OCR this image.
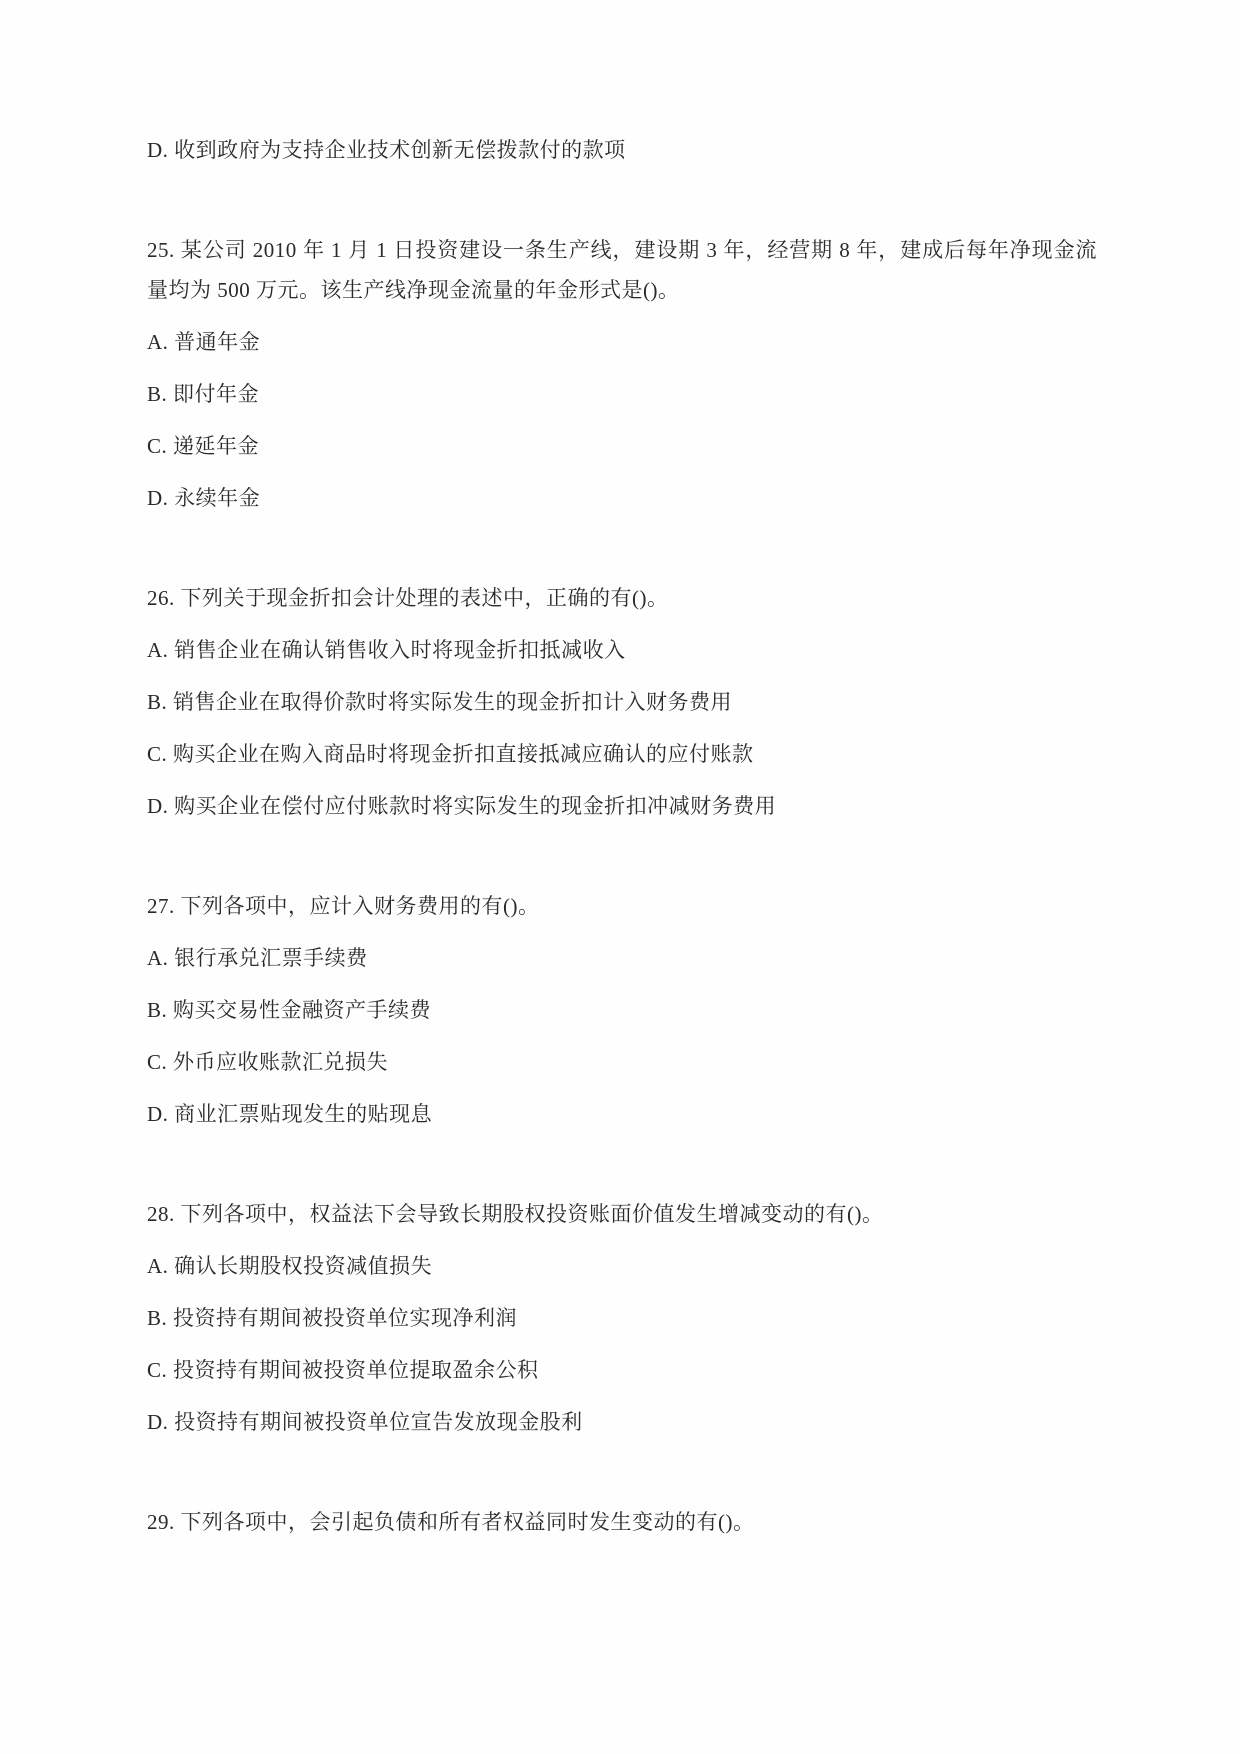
D. 收到政府为支持企业技术创新无偿拨款付的款项

25. 某公司 2010 年 1 月 1 日投资建设一条生产线，建设期 3 年，经营期 8 年，建成后每年净现金流量均为 500 万元。该生产线净现金流量的年金形式是()。

A. 普通年金

B. 即付年金

C. 递延年金

D. 永续年金

26. 下列关于现金折扣会计处理的表述中，正确的有()。

A. 销售企业在确认销售收入时将现金折扣抵减收入

B. 销售企业在取得价款时将实际发生的现金折扣计入财务费用

C. 购买企业在购入商品时将现金折扣直接抵减应确认的应付账款

D. 购买企业在偿付应付账款时将实际发生的现金折扣冲减财务费用

27. 下列各项中，应计入财务费用的有()。

A. 银行承兑汇票手续费

B. 购买交易性金融资产手续费

C. 外币应收账款汇兑损失

D. 商业汇票贴现发生的贴现息

28. 下列各项中，权益法下会导致长期股权投资账面价值发生增减变动的有()。

A. 确认长期股权投资减值损失

B. 投资持有期间被投资单位实现净利润

C. 投资持有期间被投资单位提取盈余公积

D. 投资持有期间被投资单位宣告发放现金股利

29. 下列各项中，会引起负债和所有者权益同时发生变动的有()。
